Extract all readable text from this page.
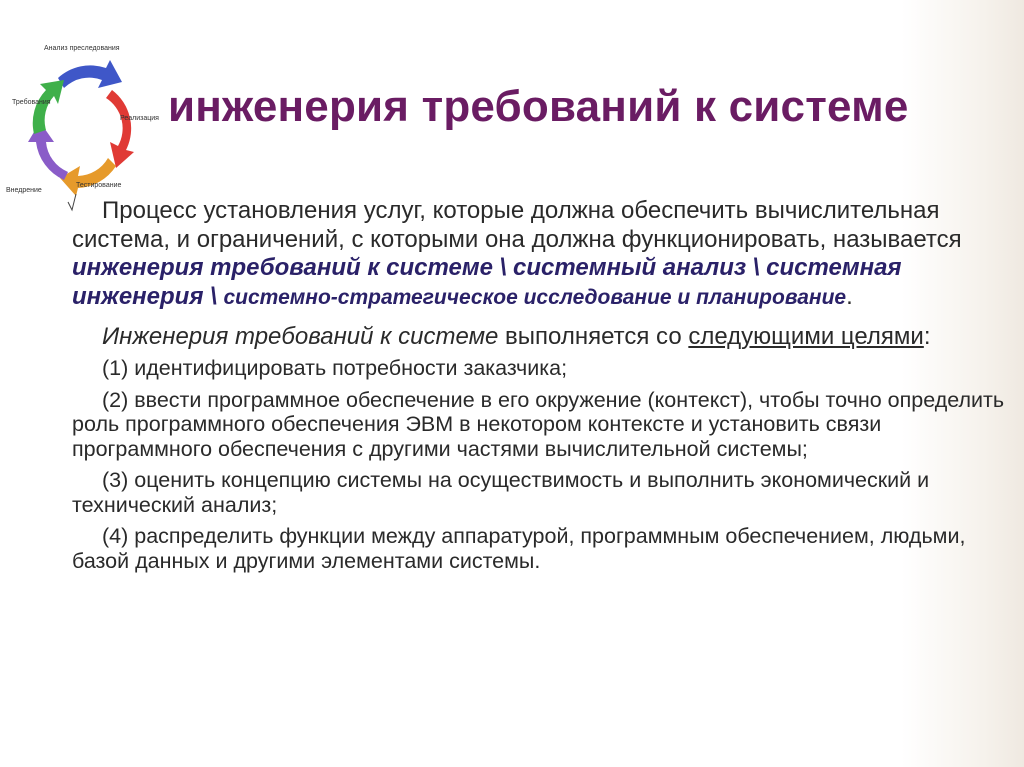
Анализ преследования
Требования
Реализация
Тестирование
Внедрение
инженерия требований к системе

Процесс установления услуг, которые должна обеспечить вычислительная система, и ограничений, с которыми она должна функционировать, называется инженерия требований к системе \ системный анализ \ системная инженерия \ системно-стратегическое исследование и планирование.

Инженерия требований к системе выполняется со следующими целями:

(1) идентифицировать потребности заказчика;

(2) ввести программное обеспечение в его окружение (контекст), чтобы точно определить роль программного обеспечения ЭВМ в некотором контексте и установить связи программного обеспечения с другими частями вычислительной системы;

(3) оценить концепцию системы на осуществимость и выполнить экономический и технический анализ;

(4) распределить функции между аппаратурой, программным обеспечением, людьми, базой данных и другими элементами системы.
